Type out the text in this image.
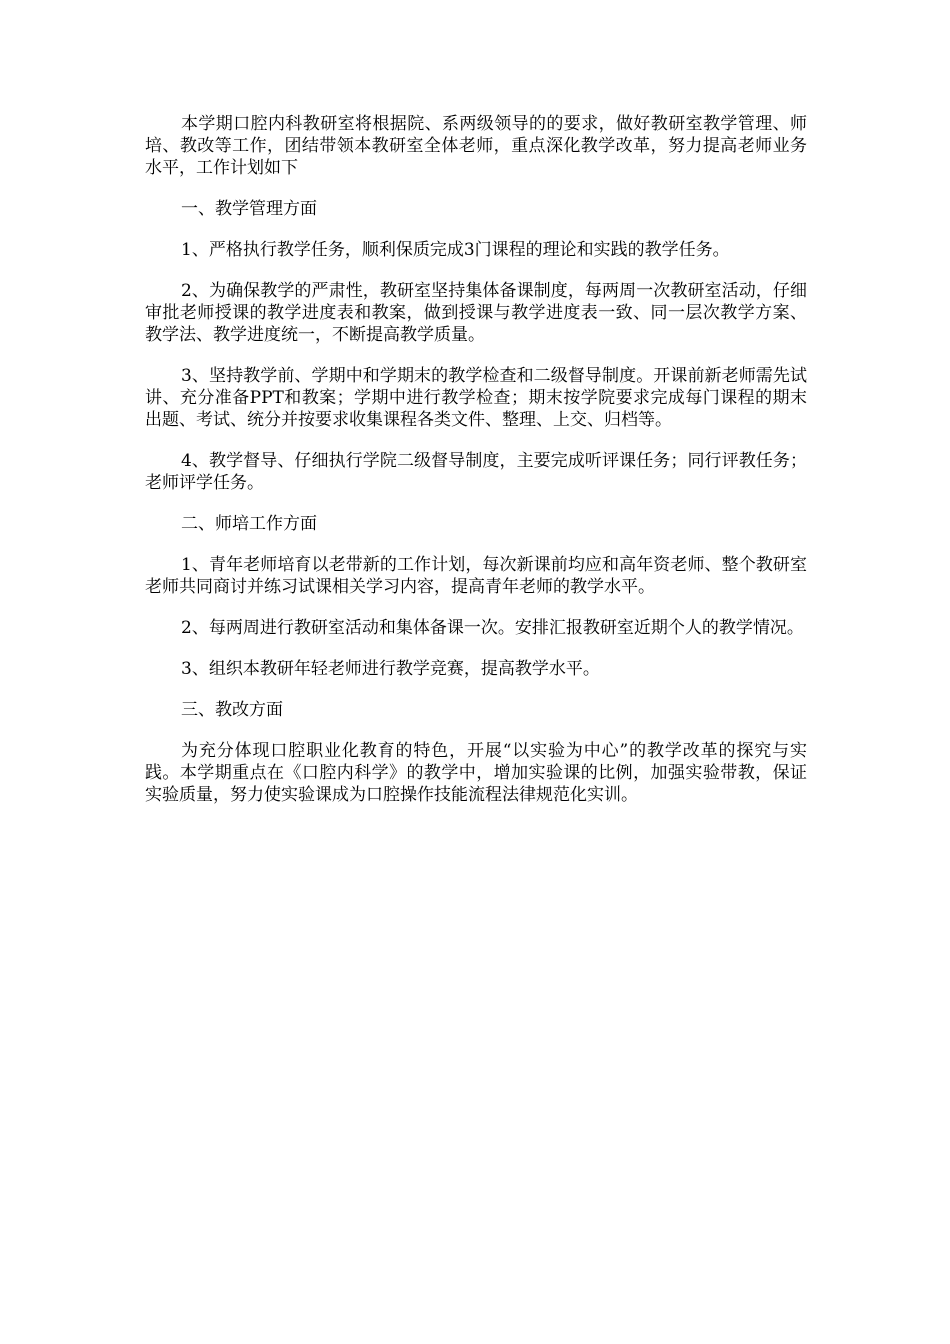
本学期口腔内科教研室将根据院、系两级领导的的要求，做好教研室教学管理、师培、教改等工作，团结带领本教研室全体老师，重点深化教学改革，努力提高老师业务水平，工作计划如下

一、教学管理方面

1、严格执行教学任务，顺利保质完成3门课程的理论和实践的教学任务。

2、为确保教学的严肃性，教研室坚持集体备课制度，每两周一次教研室活动，仔细审批老师授课的教学进度表和教案，做到授课与教学进度表一致、同一层次教学方案、教学法、教学进度统一，不断提高教学质量。

3、坚持教学前、学期中和学期末的教学检查和二级督导制度。开课前新老师需先试讲、充分准备PPT和教案；学期中进行教学检查；期末按学院要求完成每门课程的期末出题、考试、统分并按要求收集课程各类文件、整理、上交、归档等。

4、教学督导、仔细执行学院二级督导制度，主要完成听评课任务；同行评教任务；老师评学任务。

二、师培工作方面

1、青年老师培育以老带新的工作计划，每次新课前均应和高年资老师、整个教研室老师共同商讨并练习试课相关学习内容，提高青年老师的教学水平。

2、每两周进行教研室活动和集体备课一次。安排汇报教研室近期个人的教学情况。

3、组织本教研年轻老师进行教学竞赛，提高教学水平。

三、教改方面

为充分体现口腔职业化教育的特色，开展“以实验为中心”的教学改革的探究与实践。本学期重点在《口腔内科学》的教学中，增加实验课的比例，加强实验带教，保证实验质量，努力使实验课成为口腔操作技能流程法律规范化实训。
